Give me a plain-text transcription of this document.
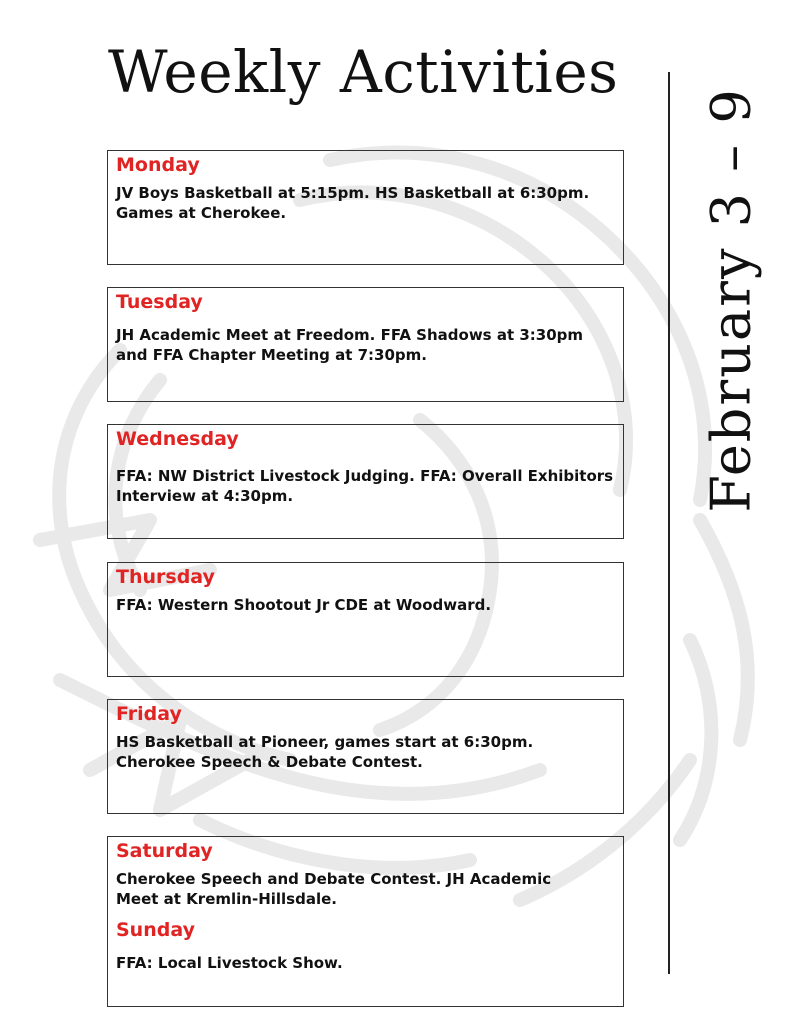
Weekly Activities
February 3 – 9
Monday
JV Boys Basketball at 5:15pm. HS Basketball at 6:30pm.
Games at Cherokee.
Tuesday
JH Academic Meet at Freedom. FFA Shadows at 3:30pm
and FFA Chapter Meeting at 7:30pm.
Wednesday
FFA: NW District Livestock Judging. FFA: Overall Exhibitors
Interview at 4:30pm.
Thursday
FFA: Western Shootout Jr CDE at Woodward.
Friday
HS Basketball at Pioneer, games start at 6:30pm.
Cherokee Speech & Debate Contest.
Saturday
Cherokee Speech and Debate Contest. JH Academic
Meet at Kremlin-Hillsdale.
Sunday
FFA: Local Livestock Show.
